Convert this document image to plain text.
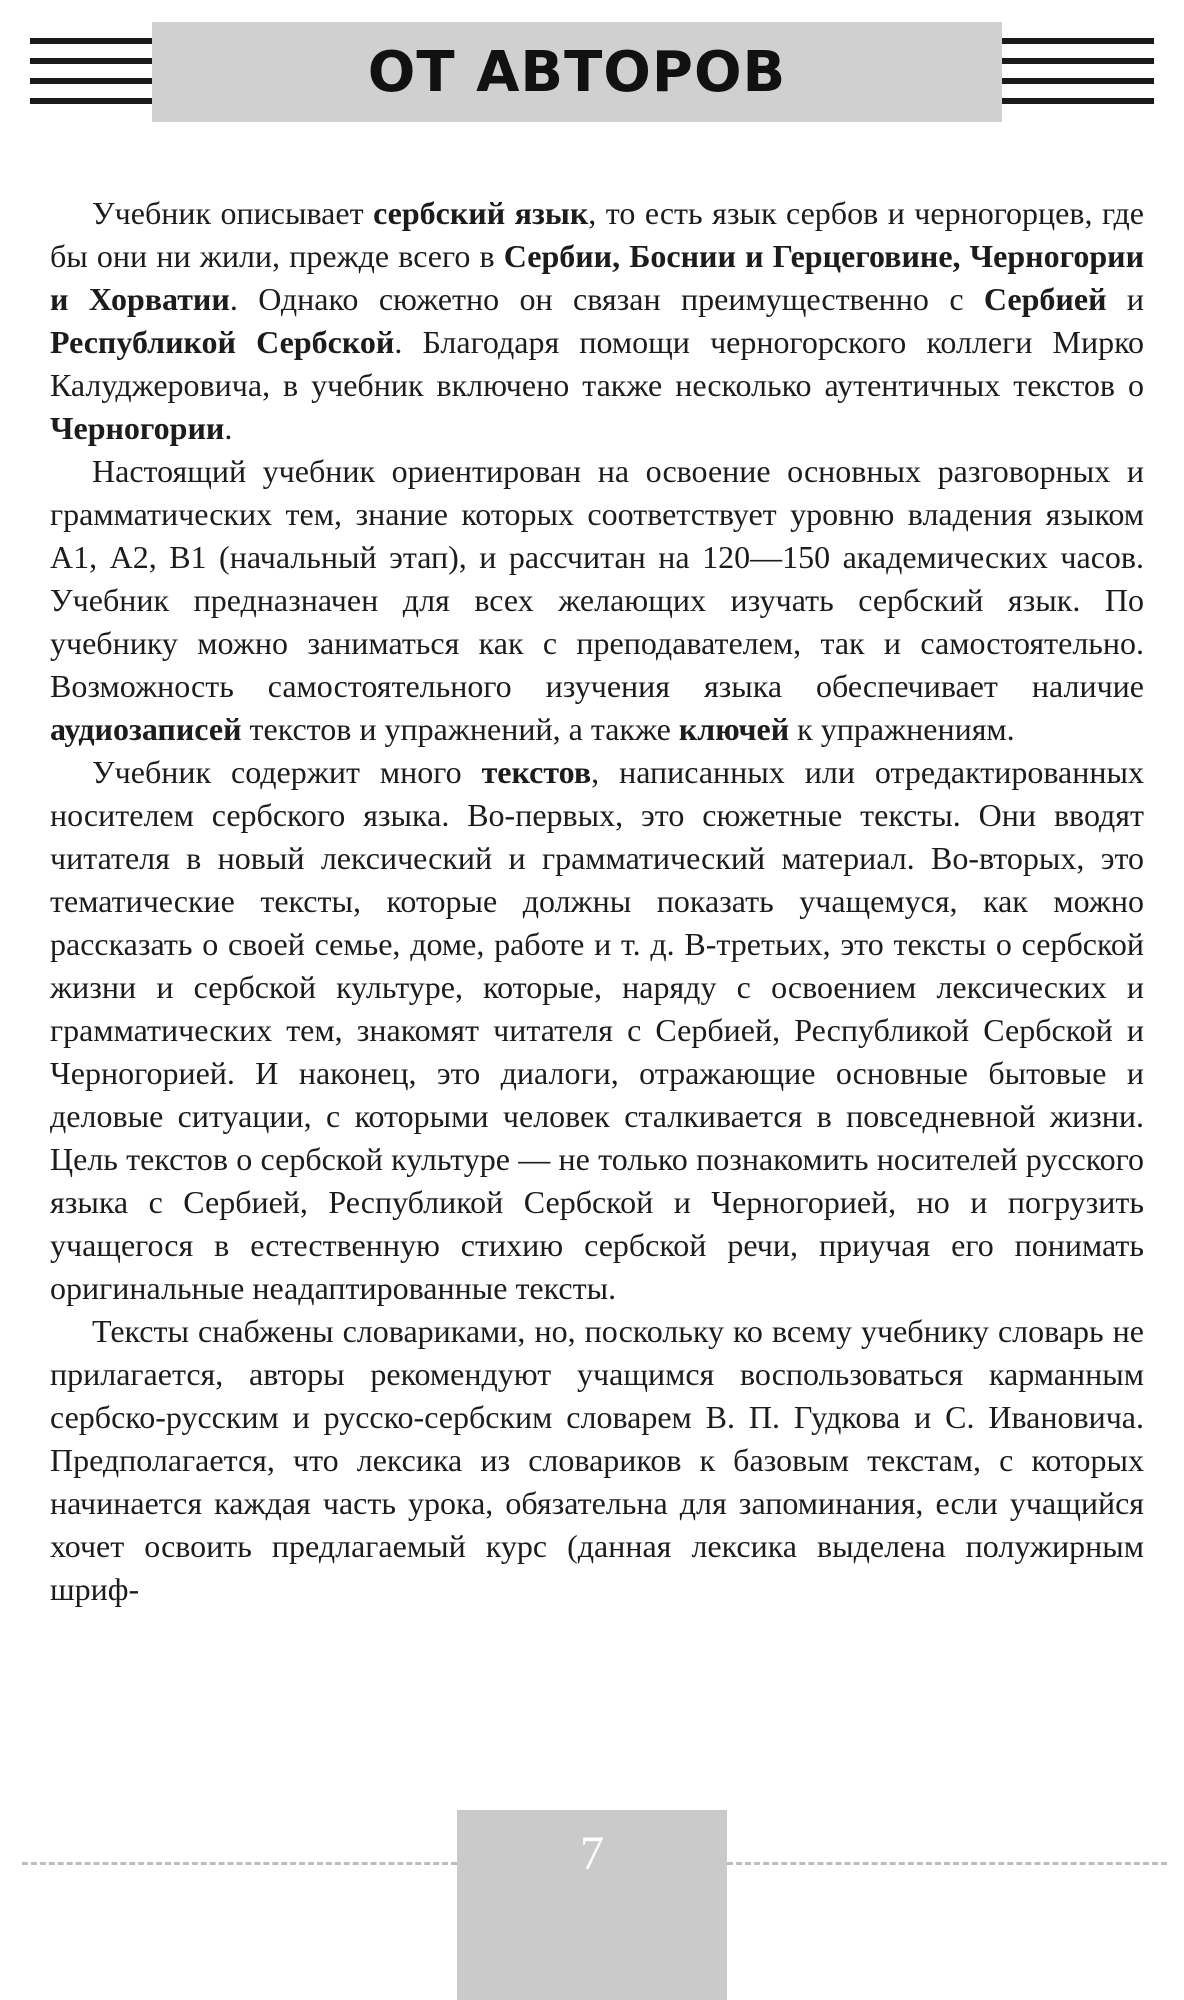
ОТ АВТОРОВ

Учебник описывает сербский язык, то есть язык сербов и черногорцев, где бы они ни жили, прежде всего в Сербии, Боснии и Герцеговине, Черногории и Хорватии. Однако сюжетно он связан преимущественно с Сербией и Республикой Сербской. Благодаря помощи черногорского коллеги Мирко Калуджеровича, в учебник включено также несколько аутентичных текстов о Черногории.

Настоящий учебник ориентирован на освоение основных разговорных и грамматических тем, знание которых соответствует уровню владения языком А1, А2, В1 (начальный этап), и рассчитан на 120—150 академических часов. Учебник предназначен для всех желающих изучать сербский язык. По учебнику можно заниматься как с преподавателем, так и самостоятельно. Возможность самостоятельного изучения языка обеспечивает наличие аудиозаписей текстов и упражнений, а также ключей к упражнениям.

Учебник содержит много текстов, написанных или отредактированных носителем сербского языка. Во-первых, это сюжетные тексты. Они вводят читателя в новый лексический и грамматический материал. Во-вторых, это тематические тексты, которые должны показать учащемуся, как можно рассказать о своей семье, доме, работе и т. д. В-третьих, это тексты о сербской жизни и сербской культуре, которые, наряду с освоением лексических и грамматических тем, знакомят читателя с Сербией, Республикой Сербской и Черногорией. И наконец, это диалоги, отражающие основные бытовые и деловые ситуации, с которыми человек сталкивается в повседневной жизни. Цель текстов о сербской культуре — не только познакомить носителей русского языка с Сербией, Республикой Сербской и Черногорией, но и погрузить учащегося в естественную стихию сербской речи, приучая его понимать оригинальные неадаптированные тексты.

Тексты снабжены словариками, но, поскольку ко всему учебнику словарь не прилагается, авторы рекомендуют учащимся воспользоваться карманным сербско-русским и русско-сербским словарем В. П. Гудкова и С. Ивановича. Предполагается, что лексика из словариков к базовым текстам, с которых начинается каждая часть урока, обязательна для запоминания, если учащийся хочет освоить предлагаемый курс (данная лексика выделена полужирным шриф-

7
